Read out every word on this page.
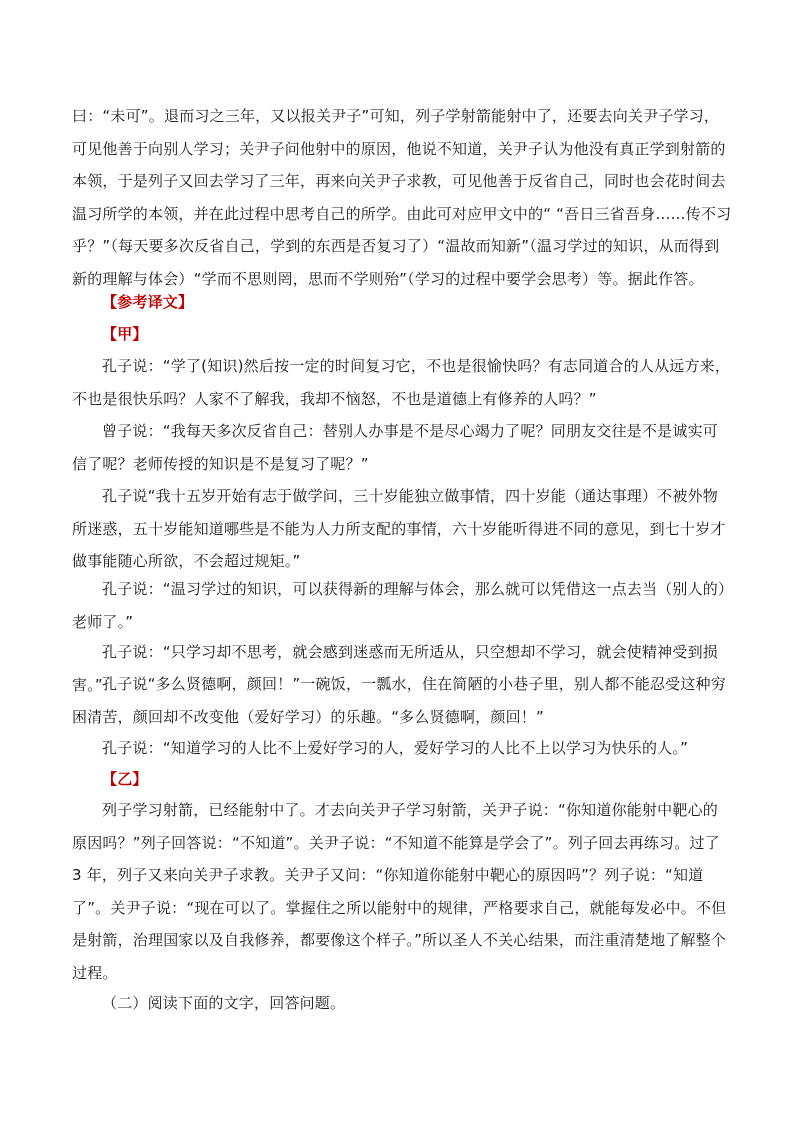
曰：“未可”。退而习之三年，又以报关尹子”可知，列子学射箭能射中了，还要去向关尹子学习，可见他善于向别人学习；关尹子问他射中的原因，他说不知道，关尹子认为他没有真正学到射箭的本领，于是列子又回去学习了三年，再来向关尹子求教，可见他善于反省自己，同时也会花时间去温习所学的本领，并在此过程中思考自己的所学。由此可对应甲文中的“ “吾日三省吾身……传不习乎？”（每天要多次反省自己，学到的东西是否复习了）“温故而知新”（温习学过的知识，从而得到新的理解与体会）“学而不思则罔，思而不学则殆”（学习的过程中要学会思考）等。据此作答。

【参考译文】

【甲】

孔子说：“学了(知识)然后按一定的时间复习它，不也是很愉快吗？有志同道合的人从远方来，不也是很快乐吗？人家不了解我，我却不恼怒，不也是道德上有修养的人吗？”

曾子说：“我每天多次反省自己：替别人办事是不是尽心竭力了呢？同朋友交往是不是诚实可信了呢？老师传授的知识是不是复习了呢？”

孔子说“我十五岁开始有志于做学问，三十岁能独立做事情，四十岁能（通达事理）不被外物所迷惑，五十岁能知道哪些是不能为人力所支配的事情，六十岁能听得进不同的意见，到七十岁才做事能随心所欲，不会超过规矩。”

孔子说：“温习学过的知识，可以获得新的理解与体会，那么就可以凭借这一点去当（别人的）老师了。”

孔子说：“只学习却不思考，就会感到迷惑而无所适从，只空想却不学习，就会使精神受到损害。” 孔子说“多么贤德啊，颜回！”一碗饭，一瓢水，住在简陋的小巷子里，别人都不能忍受这种穷困清苦，颜回却不改变他（爱好学习）的乐趣。“多么贤德啊，颜回！”

孔子说：“知道学习的人比不上爱好学习的人，爱好学习的人比不上以学习为快乐的人。”

【乙】

列子学习射箭，已经能射中了。才去向关尹子学习射箭，关尹子说：“你知道你能射中靶心的原因吗？”列子回答说：“不知道”。关尹子说：“不知道不能算是学会了”。列子回去再练习。过了 3 年，列子又来向关尹子求教。关尹子又问：“你知道你能射中靶心的原因吗”？列子说：“知道了”。关尹子说：“现在可以了。掌握住之所以能射中的规律，严格要求自己，就能每发必中。不但是射箭，治理国家以及自我修养，都要像这个样子。”所以圣人不关心结果，而注重清楚地了解整个过程。

（二）阅读下面的文字，回答问题。
